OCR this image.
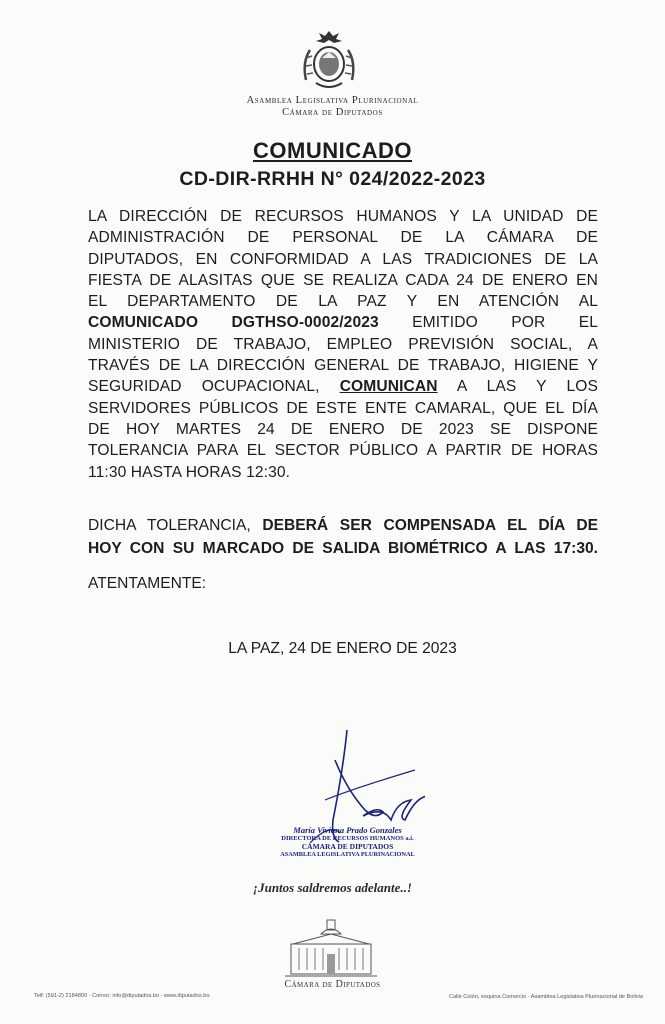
Asamblea Legislativa Plurinacional
Cámara de Diputados
COMUNICADO
CD-DIR-RRHH N° 024/2022-2023
LA DIRECCIÓN DE RECURSOS HUMANOS Y LA UNIDAD DE
ADMINISTRACIÓN DE PERSONAL DE LA CÁMARA DE
DIPUTADOS, EN CONFORMIDAD A LAS TRADICIONES DE LA
FIESTA DE ALASITAS QUE SE REALIZA CADA 24 DE ENERO EN
EL DEPARTAMENTO DE LA PAZ Y EN ATENCIÓN AL
COMUNICADO DGTHSO-0002/2023 EMITIDO POR EL
MINISTERIO DE TRABAJO, EMPLEO PREVISIÓN SOCIAL, A
TRAVÉS DE LA DIRECCIÓN GENERAL DE TRABAJO, HIGIENE Y
SEGURIDAD OCUPACIONAL, COMUNICAN A LAS Y LOS
SERVIDORES PÚBLICOS DE ESTE ENTE CAMARAL, QUE EL DÍA
DE HOY MARTES 24 DE ENERO DE 2023 SE DISPONE
TOLERANCIA PARA EL SECTOR PÚBLICO A PARTIR DE HORAS
11:30 HASTA HORAS 12:30.
DICHA TOLERANCIA, DEBERÁ SER COMPENSADA EL DÍA DE
HOY CON SU MARCADO DE SALIDA BIOMÉTRICO A LAS 17:30.
ATENTAMENTE:
LA PAZ, 24 DE ENERO DE 2023
María Viviana Prado Gonzales
DIRECTORA DE RECURSOS HUMANOS a.i.
CÁMARA DE DIPUTADOS
ASAMBLEA LEGISLATIVA PLURINACIONAL
¡Juntos saldremos adelante..!
Cámara de Diputados
Telf: (591-2) 2184800 - Correo: info@diputados.bo - www.diputados.bo	Calle Colón, esquina Comercio - Asamblea Legislativa Plurinacional de Bolivia
